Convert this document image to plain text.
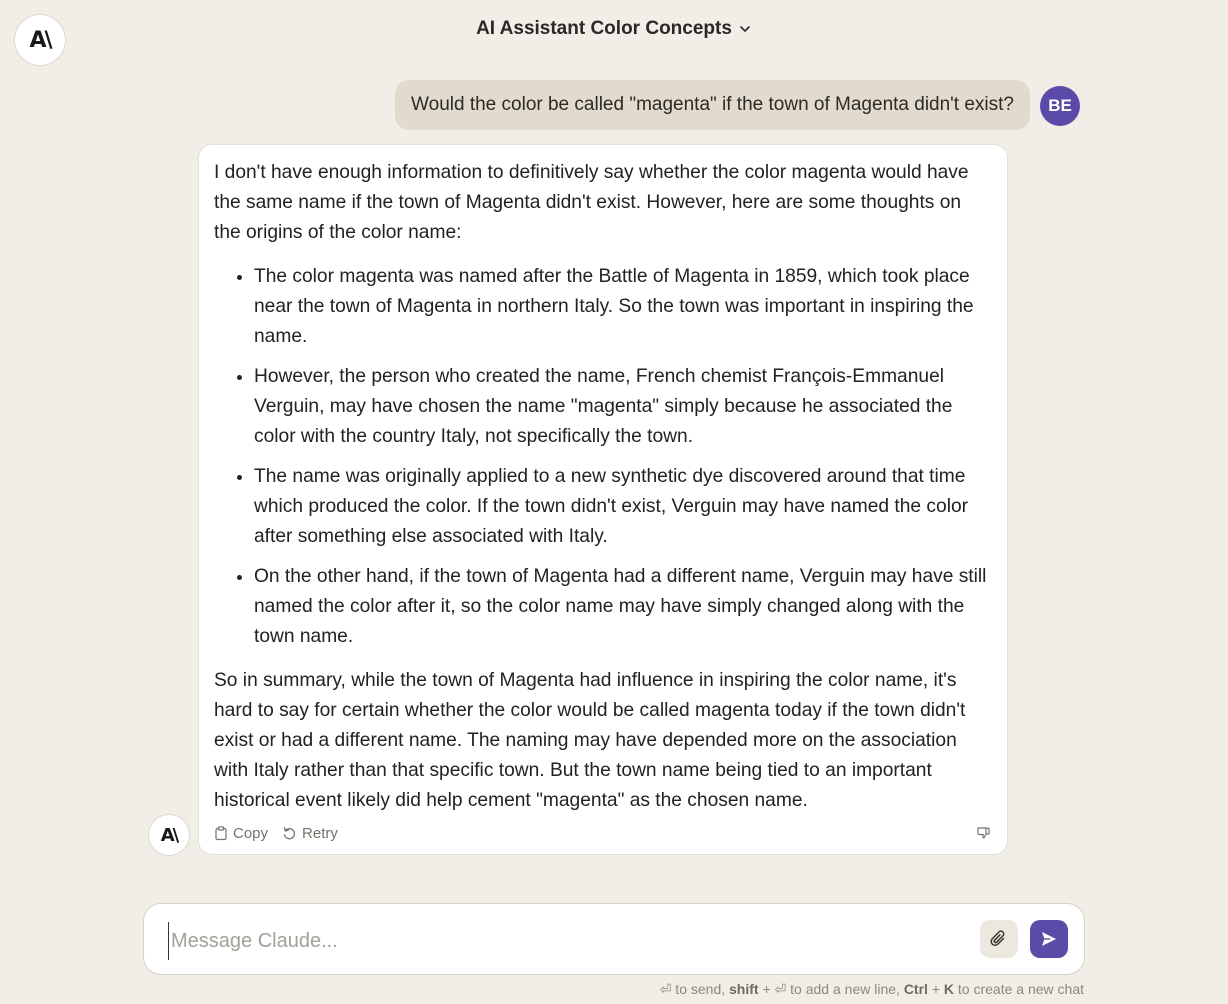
A\	AI Assistant Color Concepts
Would the color be called "magenta" if the town of Magenta didn't exist?	BE

I don't have enough information to definitively say whether the color magenta would have the same name if the town of Magenta didn't exist. However, here are some thoughts on the origins of the color name:

• The color magenta was named after the Battle of Magenta in 1859, which took place near the town of Magenta in northern Italy. So the town was important in inspiring the name.
• However, the person who created the name, French chemist François-Emmanuel Verguin, may have chosen the name "magenta" simply because he associated the color with the country Italy, not specifically the town.
• The name was originally applied to a new synthetic dye discovered around that time which produced the color. If the town didn't exist, Verguin may have named the color after something else associated with Italy.
• On the other hand, if the town of Magenta had a different name, Verguin may have still named the color after it, so the color name may have simply changed along with the town name.

So in summary, while the town of Magenta had influence in inspiring the color name, it's hard to say for certain whether the color would be called magenta today if the town didn't exist or had a different name. The naming may have depended more on the association with Italy rather than that specific town. But the town name being tied to an important historical event likely did help cement "magenta" as the chosen name.

Copy Retry
A\
Message Claude...
⏎ to send, shift + ⏎ to add a new line, Ctrl + K to create a new chat
